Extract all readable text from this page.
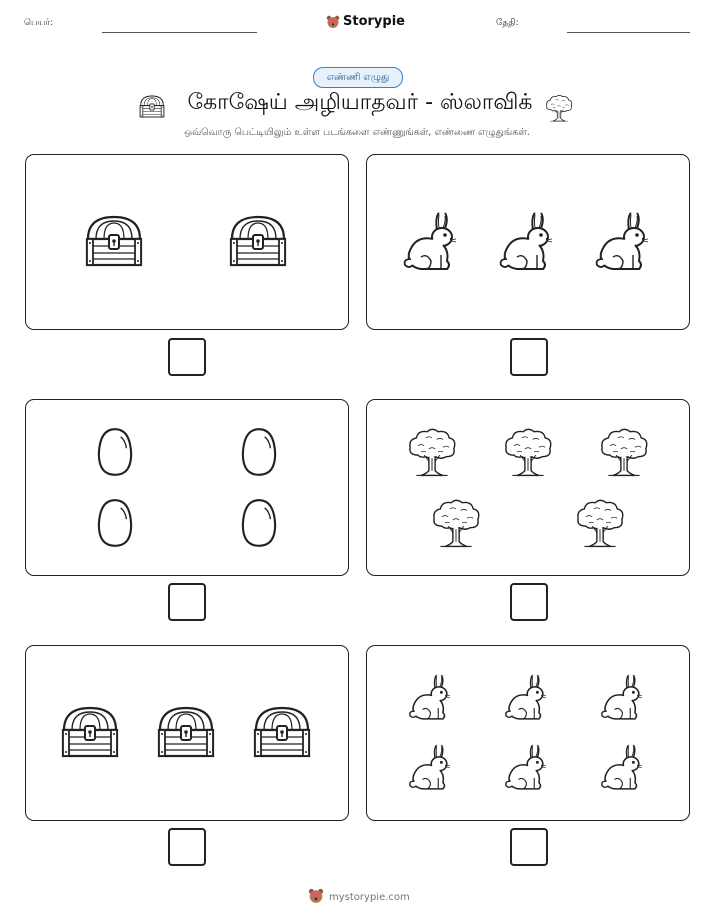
பெயர்:	Storypie	தேதி:
எண்ணி எழுது
கோஷேய் அழியாதவர் - ஸ்லாவிக்
ஒவ்வொரு பெட்டியிலும் உள்ள படங்களை எண்ணுங்கள், எண்ணை எழுதுங்கள்.
mystorypie.com
